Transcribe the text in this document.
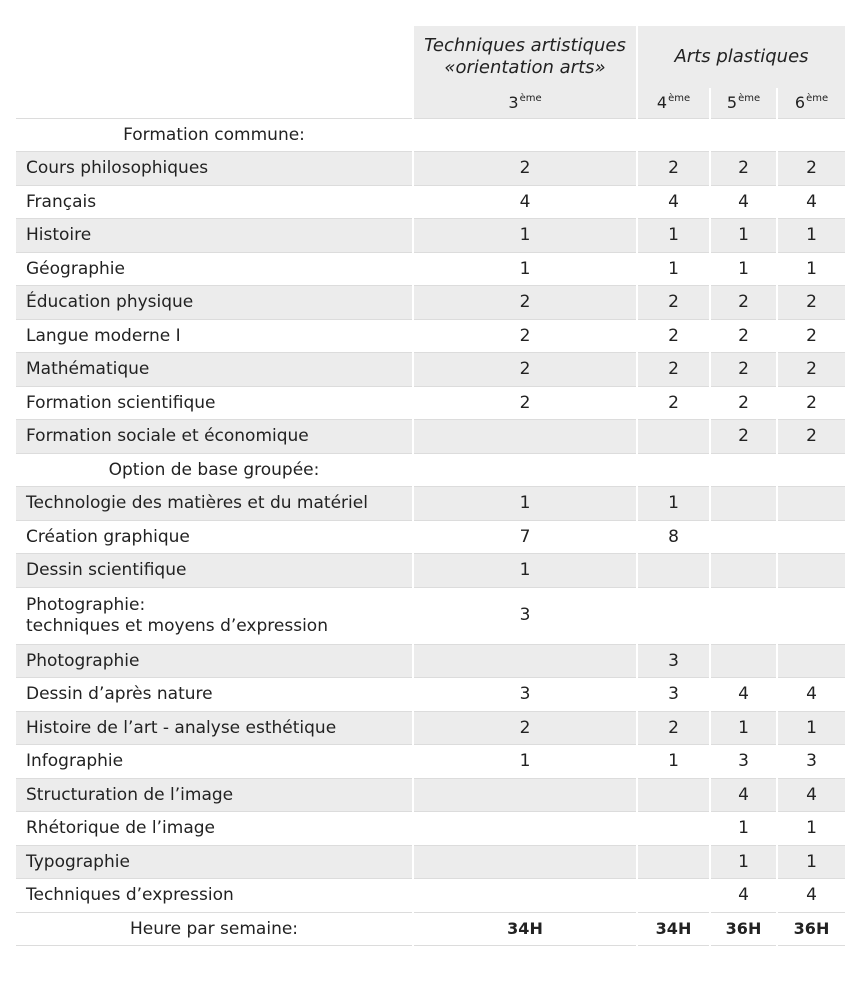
	Techniques artistiques
«orientation arts»	Arts plastiques		
	3ème	4ème	5ème	6ème
Formation commune:				

Cours philosophiques	2	2	2	2

Français	4	4	4	4

Histoire	1	1	1	1

Géographie	1	1	1	1

Éducation physique	2	2	2	2

Langue moderne I	2	2	2	2

Mathématique	2	2	2	2

Formation scientifique	2	2	2	2

Formation sociale et économique			2	2
Option de base groupée:				

Technologie des matières et du matériel	1	1		

Création graphique	7	8		

Dessin scientifique	1			

Photographie:
techniques et moyens d’expression	3			

Photographie		3		

Dessin d’après nature	3	3	4	4

Histoire de l’art - analyse esthétique	2	2	1	1

Infographie	1	1	3	3

Structuration de l’image			4	4

Rhétorique de l’image			1	1

Typographie			1	1

Techniques d’expression			4	4
Heure par semaine:	34H	34H	36H	36H
